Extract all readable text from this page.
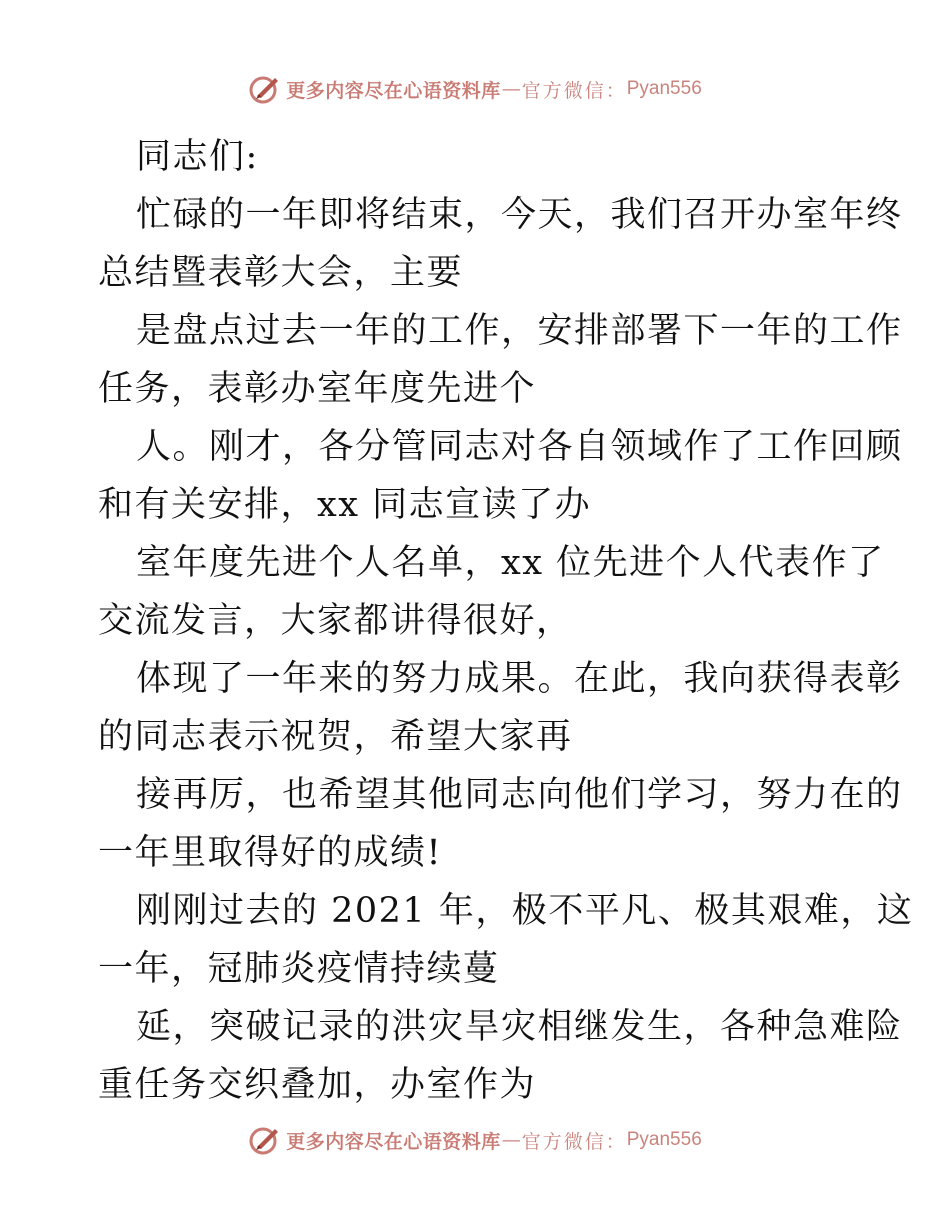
更多内容尽在心语资料库 — 官方微信： Pyan556
同志们:
忙碌的一年即将结束，今天，我们召开办室年终
总结暨表彰大会，主要
是盘点过去一年的工作，安排部署下一年的工作
任务，表彰办室年度先进个
人。刚才，各分管同志对各自领域作了工作回顾
和有关安排，xx 同志宣读了办
室年度先进个人名单，xx 位先进个人代表作了
交流发言，大家都讲得很好，
体现了一年来的努力成果。在此，我向获得表彰
的同志表示祝贺，希望大家再
接再厉，也希望其他同志向他们学习，努力在的
一年里取得好的成绩!
刚刚过去的 2021 年，极不平凡、极其艰难，这
一年，冠肺炎疫情持续蔓
延，突破记录的洪灾旱灾相继发生，各种急难险
重任务交织叠加，办室作为
更多内容尽在心语资料库 — 官方微信： Pyan556
